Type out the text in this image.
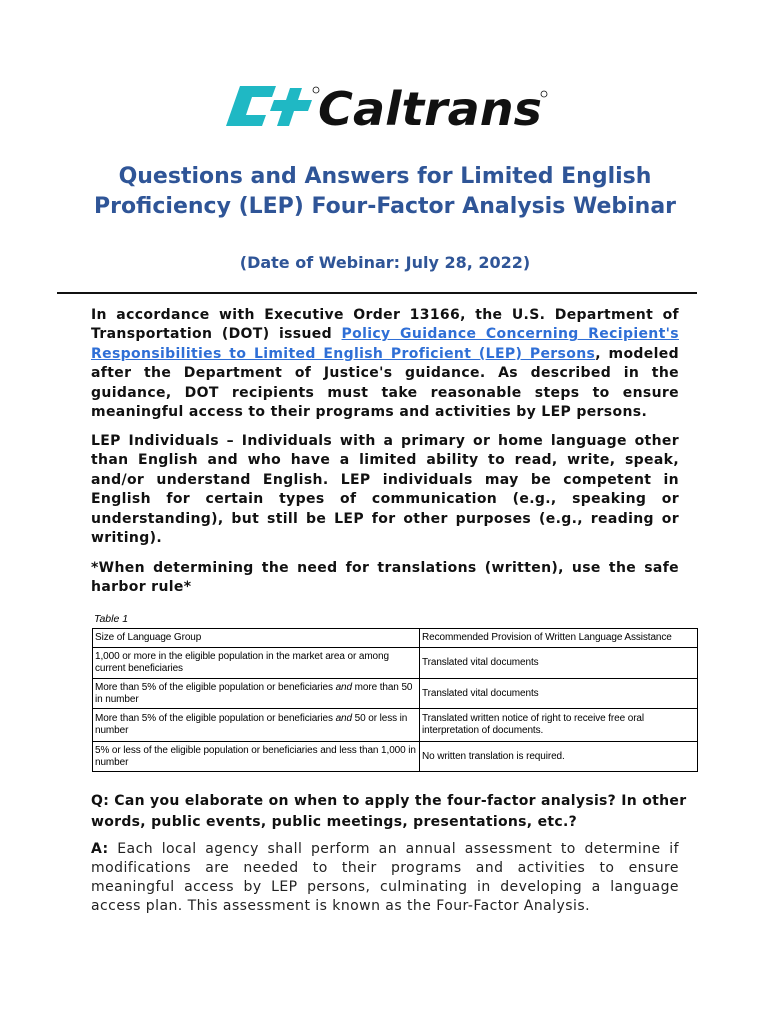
Caltrans
Questions and Answers for Limited English Proficiency (LEP) Four-Factor Analysis Webinar

(Date of Webinar: July 28, 2022)

In accordance with Executive Order 13166, the U.S. Department of Transportation (DOT) issued Policy Guidance Concerning Recipient's Responsibilities to Limited English Proficient (LEP) Persons, modeled after the Department of Justice's guidance. As described in the guidance, DOT recipients must take reasonable steps to ensure meaningful access to their programs and activities by LEP persons.

LEP Individuals – Individuals with a primary or home language other than English and who have a limited ability to read, write, speak, and/or understand English. LEP individuals may be competent in English for certain types of communication (e.g., speaking or understanding), but still be LEP for other purposes (e.g., reading or writing).

*When determining the need for translations (written), use the safe harbor rule*

Table 1

Size of Language Group	Recommended Provision of Written Language Assistance
1,000 or more in the eligible population in the market area or among current beneficiaries	Translated vital documents
More than 5% of the eligible population or beneficiaries and more than 50 in number	Translated vital documents
More than 5% of the eligible population or beneficiaries and 50 or less in number	Translated written notice of right to receive free oral interpretation of documents.
5% or less of the eligible population or beneficiaries and less than 1,000 in number	No written translation is required.

Q: Can you elaborate on when to apply the four-factor analysis? In other words, public events, public meetings, presentations, etc.?

A: Each local agency shall perform an annual assessment to determine if modifications are needed to their programs and activities to ensure meaningful access by LEP persons, culminating in developing a language access plan. This assessment is known as the Four-Factor Analysis.
